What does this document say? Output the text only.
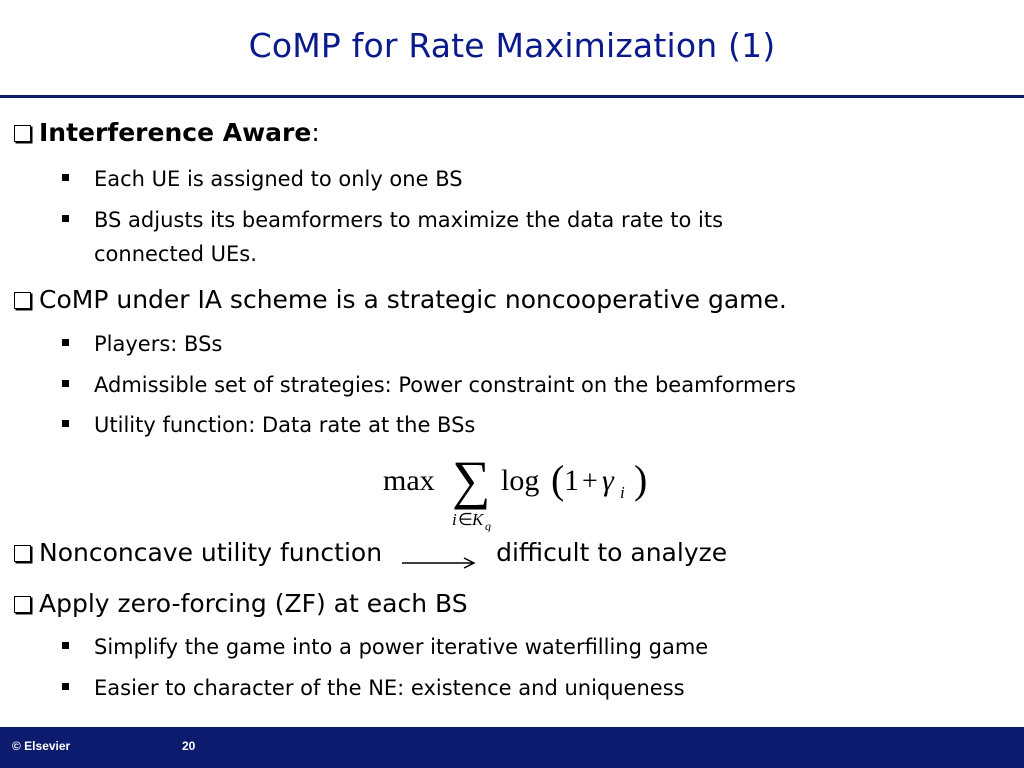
CoMP for Rate Maximization (1)
Interference Aware:
Each UE is assigned to only one BS
BS adjusts its beamformers to maximize the data rate to its
connected UEs.
CoMP under IA scheme is a strategic noncooperative game.
Players: BSs
Admissible set of strategies: Power constraint on the beamformers
Utility function: Data rate at the BSs
max ∑ log ( 1 + γ i )
i ∈ K q
Nonconcave utility function	difficult to analyze
Apply zero-forcing (ZF) at each BS
Simplify the game into a power iterative waterfilling game
Easier to character of the NE: existence and uniqueness
© Elsevier	20
